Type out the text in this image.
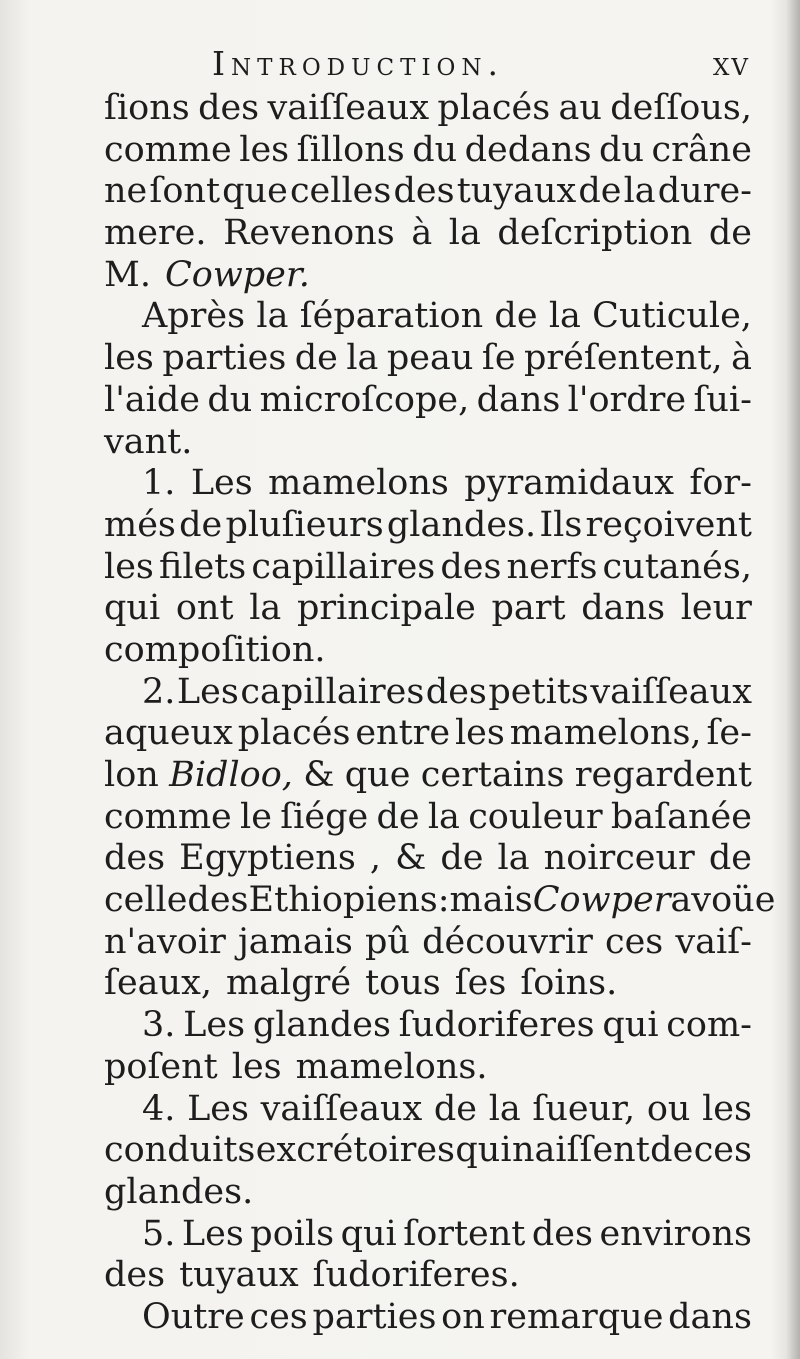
Introduction.	xv
ſions des vaiſſeaux placés au deſſous,
comme les ſillons du dedans du crâne
ne ſont que celles des tuyaux de la dure-
mere. Revenons à la deſcription de
M. Cowper.
Après la ſéparation de la Cuticule,
les parties de la peau ſe préſentent, à
l'aide du microſcope, dans l'ordre ſui-
vant.
1. Les mamelons pyramidaux for-
més de pluſieurs glandes. Ils reçoivent
les filets capillaires des nerfs cutanés,
qui ont la principale part dans leur
compoſition.
2. Les capillaires des petits vaiſſeaux
aqueux placés entre les mamelons, ſe-
lon Bidloo, & que certains regardent
comme le ſiége de la couleur baſanée
des Egyptiens , & de la noirceur de
celle des Ethiopiens: mais Cowper avoüe
n'avoir jamais pû découvrir ces vaiſ-
ſeaux, malgré tous ſes ſoins.
3. Les glandes ſudoriferes qui com-
poſent les mamelons.
4. Les vaiſſeaux de la ſueur, ou les
conduits excrétoires qui naiſſent de ces
glandes.
5. Les poils qui ſortent des environs
des tuyaux ſudoriferes.
Outre ces parties on remarque dans
